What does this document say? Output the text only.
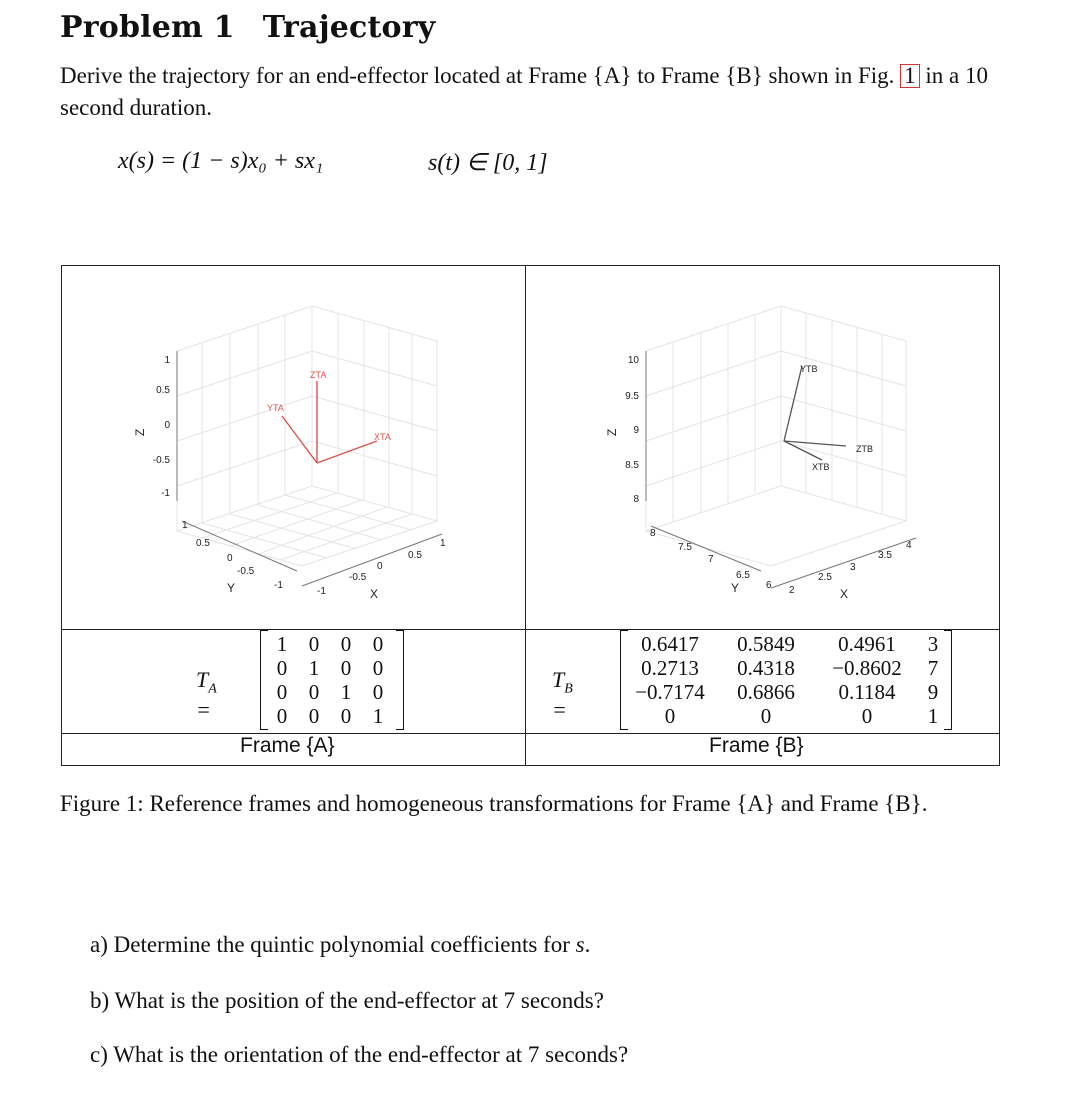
Problem 1 Trajectory
Derive the trajectory for an end-effector located at Frame {A} to Frame {B} shown in Fig. 1 in a 10 second duration.
x(s) = (1 − s)x₀ + sx₁	s(t) ∈ [0, 1]
1
0.5
0
-0.5
-1
Z
1
0.5
0
-0.5
-1
Y	-1
-0.5
0
0.5
1
X
ZTA
YTA
XTA
10
9.5
9
8.5
8
Z
8
7.5
7
6.5
6
Y	2
2.5
3
3.5
4
X
YTB
ZTB
XTB
$T_A$ =
1	0	0	0
0	1	0	0
0	0	1	0
0	0	0	1
$T_B$ =
0.6417	0.5849	0.4961	3
0.2713	0.4318	−0.8602	7
−0.7174	0.6866	0.1184	9
0	0	0	1
Frame {A}	Frame {B}
Figure 1: Reference frames and homogeneous transformations for Frame {A} and Frame {B}.
a) Determine the quintic polynomial coefficients for s.
b) What is the position of the end-effector at 7 seconds?
c) What is the orientation of the end-effector at 7 seconds?
